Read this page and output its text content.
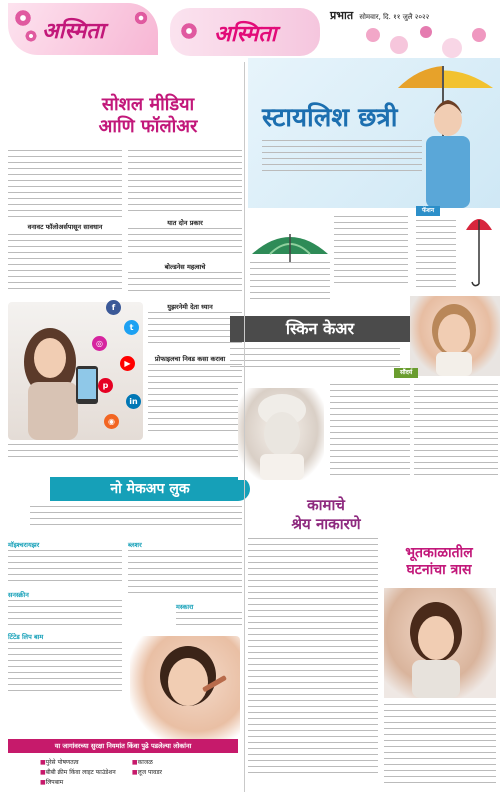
अस्मिता	अस्मिता
प्रभात सोमवार, दि. ११ जुलै २०२२
सोशल मीडिया
आणि फॉलोअर
वनावट फॉलोअर्सपासून सावधान	यात दोन प्रकार
बोल्डनेस महत्वाचे
युझरनेमी देता ध्यान
प्रोफाइलचा निवड कसा करावा
f
t
◎
▶
p
in
◉
नो मेकअप लुक
मॉइश्चरायझर
सनस्क्रीन
टिंटेड लिप बाम
ब्लशर
मस्कारा
या जागांवरच्या सुरक्षा नियमांत किंवा पुढे पडलेल्या लोकांना
■ पुरेसे पोषणतत्व	■ काजळ ■ बीबी क्रीम किंवा लाइट फाउंडेशन	■ लूज पावडर ■ लिपबाम
स्टायलिश छत्री
फॅशन
स्किन केअर
सौंदर्य
कामाचे
श्रेय नाकारणे
भूतकाळातील
घटनांचा त्रास
